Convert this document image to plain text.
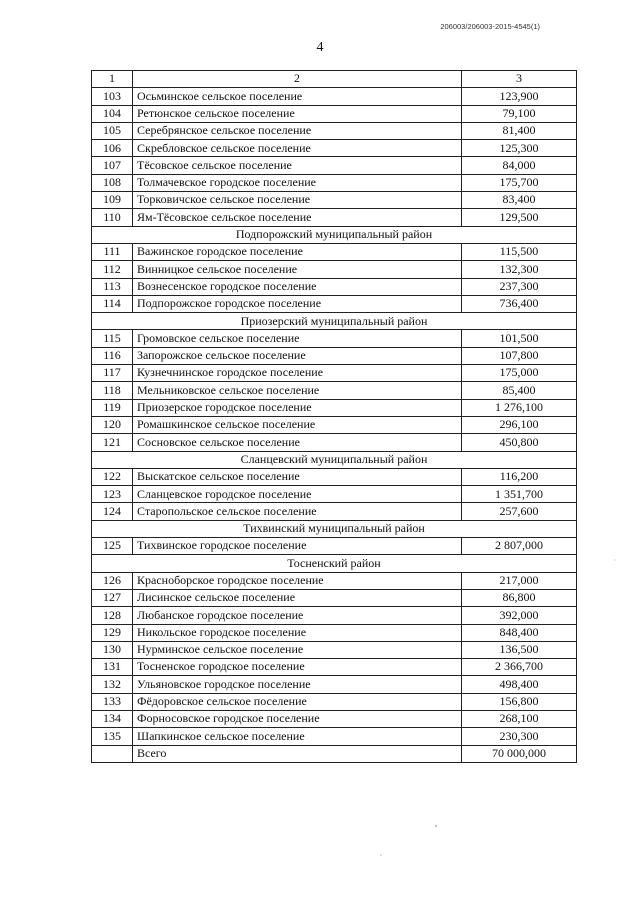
206003/206003-2015-4545(1)
4
1	2	3
103	Осьминское сельское поселение	123,900
104	Ретюнское сельское поселение	79,100
105	Серебрянское сельское поселение	81,400
106	Скребловское сельское поселение	125,300
107	Тёсовское сельское поселение	84,000
108	Толмачевское городское поселение	175,700
109	Торковичское сельское поселение	83,400
110	Ям-Тёсовское сельское поселение	129,500
Подпорожский муниципальный район		
111	Важинское городское поселение	115,500
112	Винницкое сельское поселение	132,300
113	Вознесенское городское поселение	237,300
114	Подпорожское городское поселение	736,400
Приозерский муниципальный район		
115	Громовское сельское поселение	101,500
116	Запорожское сельское поселение	107,800
117	Кузнечнинское городское поселение	175,000
118	Мельниковское сельское поселение	85,400
119	Приозерское городское поселение	1 276,100
120	Ромашкинское сельское поселение	296,100
121	Сосновское сельское поселение	450,800
Сланцевский муниципальный район		
122	Выскатское сельское поселение	116,200
123	Сланцевское городское поселение	1 351,700
124	Старопольское сельское поселение	257,600
Тихвинский муниципальный район		
125	Тихвинское городское поселение	2 807,000
Тосненский район		
126	Красноборское городское поселение	217,000
127	Лисинское сельское поселение	86,800
128	Любанское городское поселение	392,000
129	Никольское городское поселение	848,400
130	Нурминское сельское поселение	136,500
131	Тосненское городское поселение	2 366,700
132	Ульяновское городское поселение	498,400
133	Фёдоровское сельское поселение	156,800
134	Форносовское городское поселение	268,100
135	Шапкинское сельское поселение	230,300
	Всего	70 000,000
